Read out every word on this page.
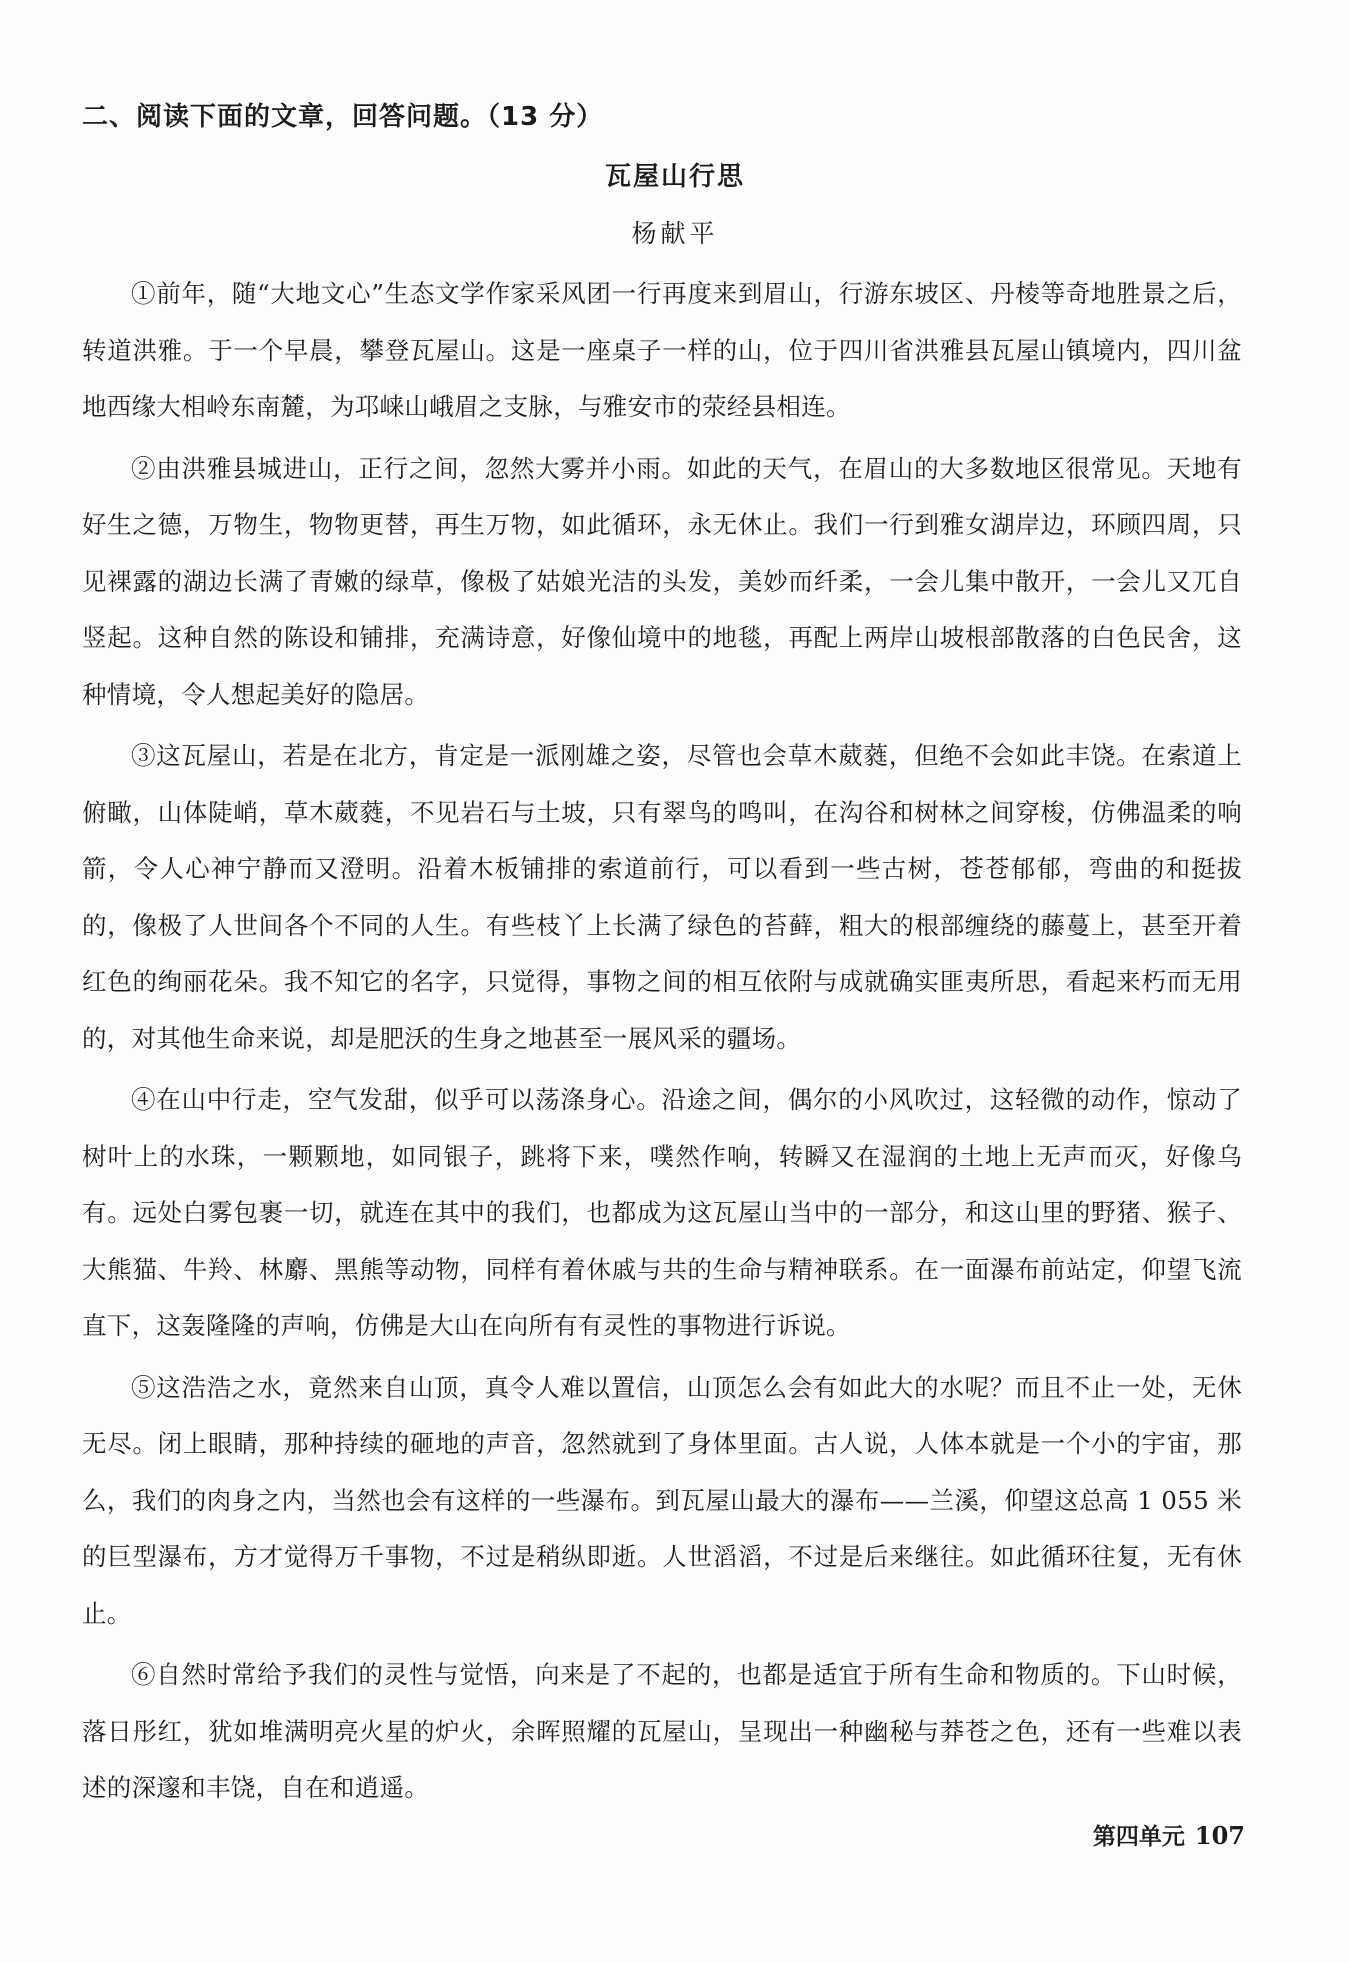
二、阅读下面的文章，回答问题。（13 分）
瓦屋山行思
杨献平

①前年，随“大地文心”生态文学作家采风团一行再度来到眉山，行游东坡区、丹棱等奇地胜景之后，转道洪雅。于一个早晨，攀登瓦屋山。这是一座桌子一样的山，位于四川省洪雅县瓦屋山镇境内，四川盆地西缘大相岭东南麓，为邛崃山峨眉之支脉，与雅安市的荥经县相连。

②由洪雅县城进山，正行之间，忽然大雾并小雨。如此的天气，在眉山的大多数地区很常见。天地有好生之德，万物生，物物更替，再生万物，如此循环，永无休止。我们一行到雅女湖岸边，环顾四周，只见裸露的湖边长满了青嫩的绿草，像极了姑娘光洁的头发，美妙而纤柔，一会儿集中散开，一会儿又兀自竖起。这种自然的陈设和铺排，充满诗意，好像仙境中的地毯，再配上两岸山坡根部散落的白色民舍，这种情境，令人想起美好的隐居。

③这瓦屋山，若是在北方，肯定是一派刚雄之姿，尽管也会草木葳蕤，但绝不会如此丰饶。在索道上俯瞰，山体陡峭，草木葳蕤，不见岩石与土坡，只有翠鸟的鸣叫，在沟谷和树林之间穿梭，仿佛温柔的响箭，令人心神宁静而又澄明。沿着木板铺排的索道前行，可以看到一些古树，苍苍郁郁，弯曲的和挺拔的，像极了人世间各个不同的人生。有些枝丫上长满了绿色的苔藓，粗大的根部缠绕的藤蔓上，甚至开着红色的绚丽花朵。我不知它的名字，只觉得，事物之间的相互依附与成就确实匪夷所思，看起来朽而无用的，对其他生命来说，却是肥沃的生身之地甚至一展风采的疆场。

④在山中行走，空气发甜，似乎可以荡涤身心。沿途之间，偶尔的小风吹过，这轻微的动作，惊动了树叶上的水珠，一颗颗地，如同银子，跳将下来，噗然作响，转瞬又在湿润的土地上无声而灭，好像乌有。远处白雾包裹一切，就连在其中的我们，也都成为这瓦屋山当中的一部分，和这山里的野猪、猴子、大熊猫、牛羚、林麝、黑熊等动物，同样有着休戚与共的生命与精神联系。在一面瀑布前站定，仰望飞流直下，这轰隆隆的声响，仿佛是大山在向所有有灵性的事物进行诉说。

⑤这浩浩之水，竟然来自山顶，真令人难以置信，山顶怎么会有如此大的水呢？而且不止一处，无休无尽。闭上眼睛，那种持续的砸地的声音，忽然就到了身体里面。古人说，人体本就是一个小的宇宙，那么，我们的肉身之内，当然也会有这样的一些瀑布。到瓦屋山最大的瀑布——兰溪，仰望这总高 1 055 米的巨型瀑布，方才觉得万千事物，不过是稍纵即逝。人世滔滔，不过是后来继往。如此循环往复，无有休止。

⑥自然时常给予我们的灵性与觉悟，向来是了不起的，也都是适宜于所有生命和物质的。下山时候，落日彤红，犹如堆满明亮火星的炉火，余晖照耀的瓦屋山，呈现出一种幽秘与莽苍之色，还有一些难以表述的深邃和丰饶，自在和逍遥。

第四单元 107
